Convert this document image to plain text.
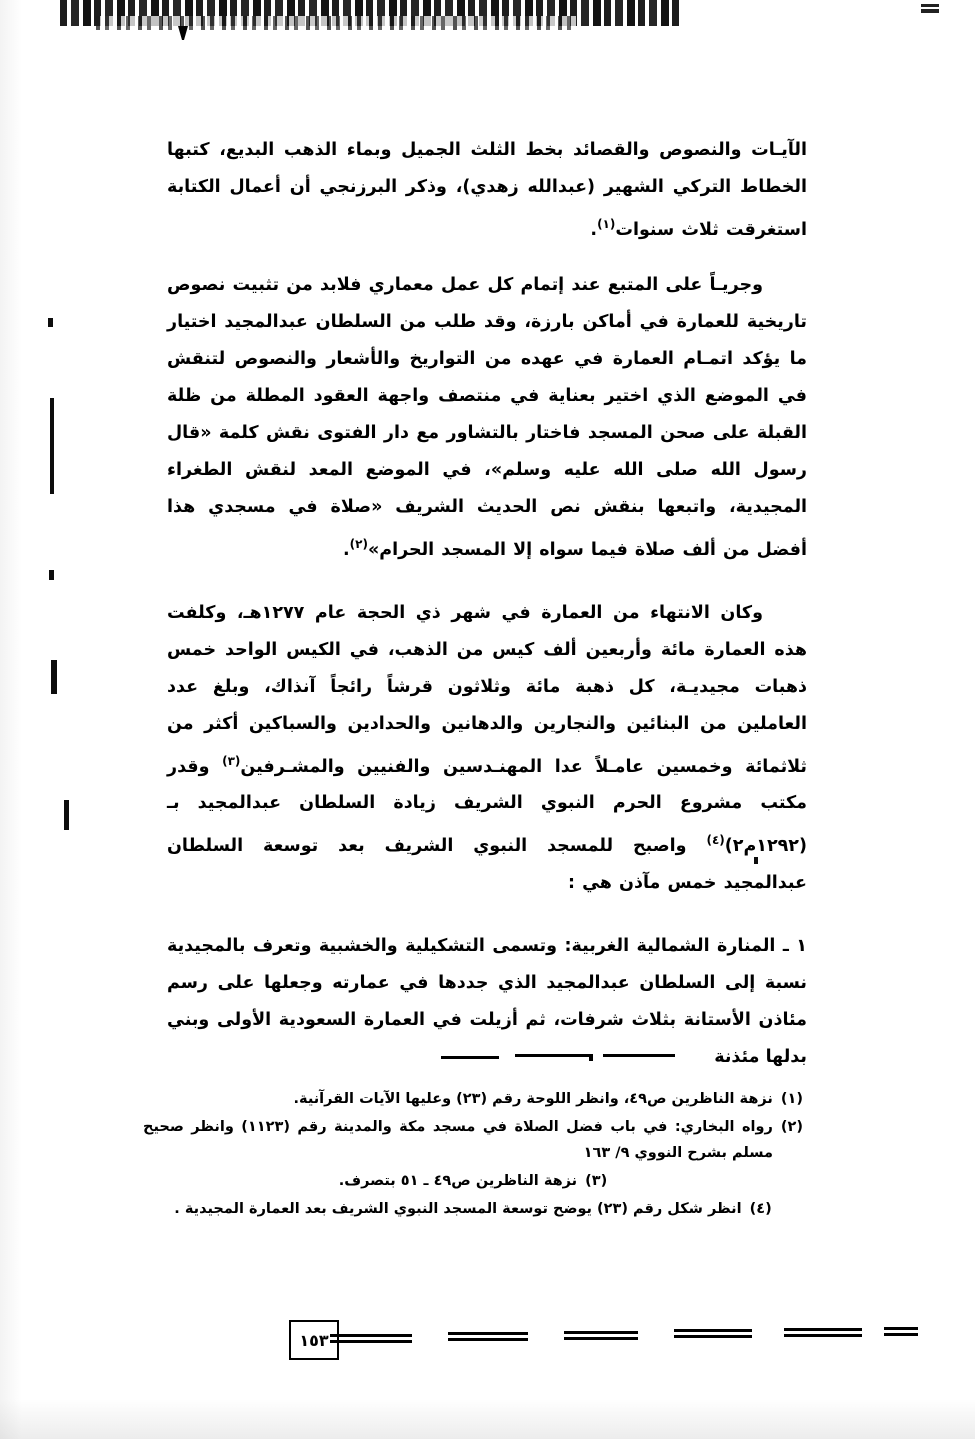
الآيـات والنصوص والقصائد بخط الثلث الجميل وبماء الذهب البديع، كتبها الخطاط التركي الشهير (عبدالله زهدي)، وذكر البرزنجي أن أعمال الكتابة استغرقت ثلاث سنوات$^{(١)}$.

وجريـاً على المتبع عند إتمام كل عمل معماري فلابد من تثبيت نصوص تاريخية للعمارة في أماكن بارزة، وقد طلب من السلطان عبدالمجيد اختيار ما يؤكد اتمـام العمارة في عهده من التواريخ والأشعار والنصوص لتنقش في الموضع الذي اختير بعناية في منتصف واجهة العقود المطلة من ظلة القبلة على صحن المسجد فاختار بالتشاور مع دار الفتوى نقش كلمة «قال رسول الله صلى الله عليه وسلم»، في الموضع المعد لنقش الطغراء المجيدية، واتبعها بنقش نص الحديث الشريف «صلاة في مسجدي هذا أفضل من ألف صلاة فيما سواه إلا المسجد الحرام»$^{(٢)}$.

وكان الانتهاء من العمارة في شهر ذي الحجة عام ١٢٧٧هـ، وكلفت هذه العمارة مائة وأربعين ألف كيس من الذهب، في الكيس الواحد خمس ذهبات مجيديـة، كل ذهبة مائة وثلاثون قرشاً رائجاً آنذاك، وبلغ عدد العاملين من البنائين والنجارين والدهانين والحدادين والسباكين أكثر من ثلاثمائة وخمسين عامـلاً عدا المهنـدسين والفنيين والمشـرفين$^{(٣)}$ وقدر مكتب مشروع الحرم النبوي الشريف زيادة السلطان عبدالمجيد بـ (١٢٩٢م٢)$^{(٤)}$ واصبح للمسجد النبوي الشريف بعد توسعة السلطان عبدالمجيد خمس مآذن هي :

١ ـ المنارة الشمالية الغربية: وتسمى التشكيلية والخشبية وتعرف بالمجيدية نسبة إلى السلطان عبدالمجيد الذي جددها في عمارته وجعلها على رسم مئاذن الأستانة بثلاث شرفات، ثم أزيلت في العمارة السعودية الأولى وبني بدلها مئذنة

(١)نزهة الناظرين ص٤٩، وانظر اللوحة رقم (٢٣) وعليها الآيات القرآنية.

(٢)رواه البخاري: في باب فضل الصلاة في مسجد مكة والمدينة رقم (١١٢٣) وانظر صحيح مسلم بشرح النووي ٩/ ١٦٣

(٣)نزهة الناظرين ص٤٩ ـ ٥١ بتصرف.

(٤)انظر شكل رقم (٢٣) يوضح توسعة المسجد النبوي الشريف بعد العمارة المجيدية .

١٥٣
